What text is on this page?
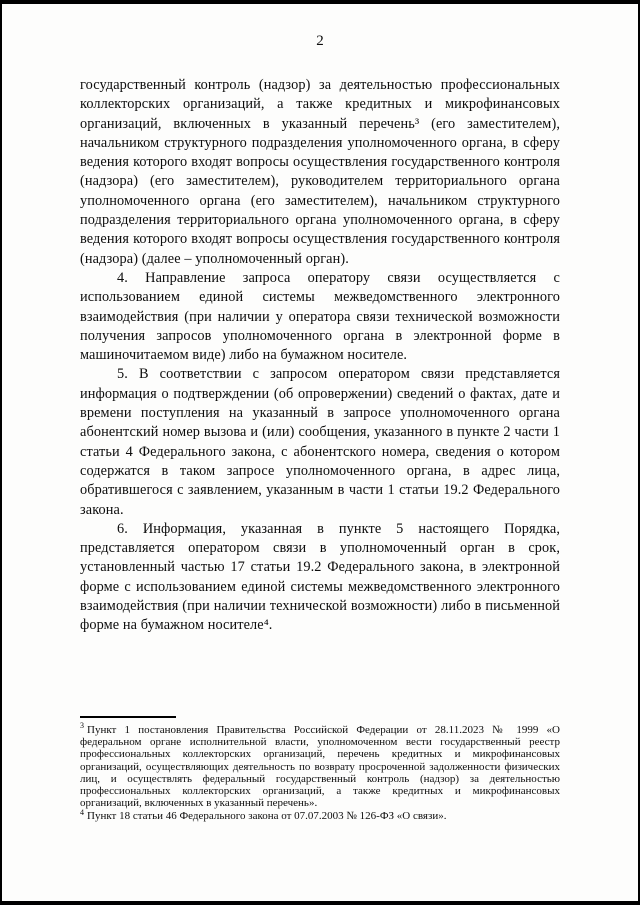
2

государственный контроль (надзор) за деятельностью профессиональных коллекторских организаций, а также кредитных и микрофинансовых организаций, включенных в указанный перечень³ (его заместителем), начальником структурного подразделения уполномоченного органа, в сферу ведения которого входят вопросы осуществления государственного контроля (надзора) (его заместителем), руководителем территориального органа уполномоченного органа (его заместителем), начальником структурного подразделения территориального органа уполномоченного органа, в сферу ведения которого входят вопросы осуществления государственного контроля (надзора) (далее – уполномоченный орган).

4. Направление запроса оператору связи осуществляется с использованием единой системы межведомственного электронного взаимодействия (при наличии у оператора связи технической возможности получения запросов уполномоченного органа в электронной форме в машиночитаемом виде) либо на бумажном носителе.

5. В соответствии с запросом оператором связи представляется информация о подтверждении (об опровержении) сведений о фактах, дате и времени поступления на указанный в запросе уполномоченного органа абонентский номер вызова и (или) сообщения, указанного в пункте 2 части 1 статьи 4 Федерального закона, с абонентского номера, сведения о котором содержатся в таком запросе уполномоченного органа, в адрес лица, обратившегося с заявлением, указанным в части 1 статьи 19.2 Федерального закона.

6. Информация, указанная в пункте 5 настоящего Порядка, представляется оператором связи в уполномоченный орган в срок, установленный частью 17 статьи 19.2 Федерального закона, в электронной форме с использованием единой системы межведомственного электронного взаимодействия (при наличии технической возможности) либо в письменной форме на бумажном носителе⁴.

$^3$ Пункт 1 постановления Правительства Российской Федерации от 28.11.2023 № 1999 «О федеральном органе исполнительной власти, уполномоченном вести государственный реестр профессиональных коллекторских организаций, перечень кредитных и микрофинансовых организаций, осуществляющих деятельность по возврату просроченной задолженности физических лиц, и осуществлять федеральный государственный контроль (надзор) за деятельностью профессиональных коллекторских организаций, а также кредитных и микрофинансовых организаций, включенных в указанный перечень».

$^4$ Пункт 18 статьи 46 Федерального закона от 07.07.2003 № 126-ФЗ «О связи».
